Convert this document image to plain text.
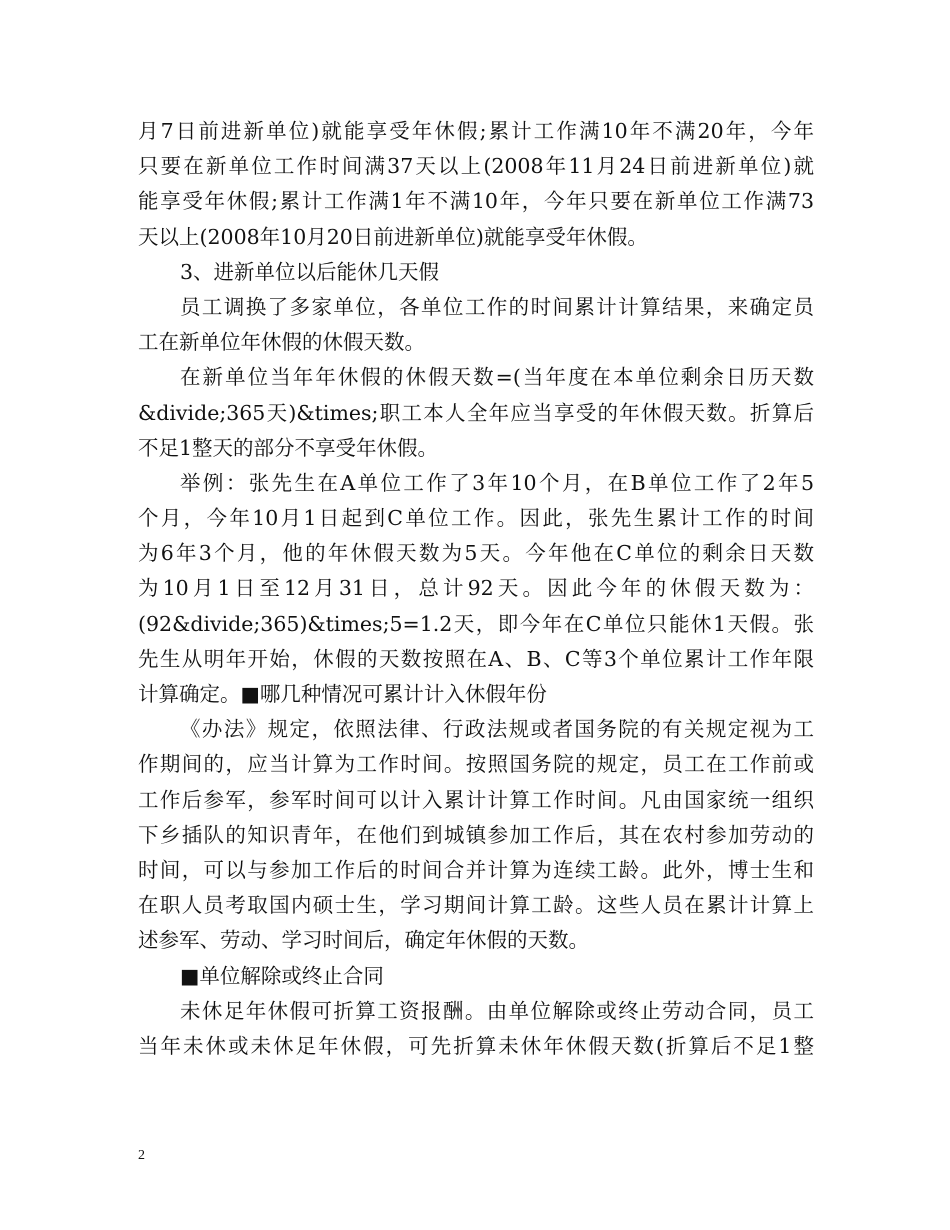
月7日前进新单位)就能享受年休假;累计工作满10年不满20年，今年
只要在新单位工作时间满37天以上(2008年11月24日前进新单位)就
能享受年休假;累计工作满1年不满10年，今年只要在新单位工作满73
天以上(2008年10月20日前进新单位)就能享受年休假。
3、进新单位以后能休几天假
员工调换了多家单位，各单位工作的时间累计计算结果，来确定员
工在新单位年休假的休假天数。
在新单位当年年休假的休假天数=(当年度在本单位剩余日历天数
&divide;365天)&times;职工本人全年应当享受的年休假天数。折算后
不足1整天的部分不享受年休假。
举例：张先生在A单位工作了3年10个月，在B单位工作了2年5
个月，今年10月1日起到C单位工作。因此，张先生累计工作的时间
为6年3个月，他的年休假天数为5天。今年他在C单位的剩余日天数
为10月1日至12月31日，总计92天。因此今年的休假天数为：
(92&divide;365)&times;5=1.2天，即今年在C单位只能休1天假。张
先生从明年开始，休假的天数按照在A、B、C等3个单位累计工作年限
计算确定。■哪几种情况可累计计入休假年份
《办法》规定，依照法律、行政法规或者国务院的有关规定视为工
作期间的，应当计算为工作时间。按照国务院的规定，员工在工作前或
工作后参军，参军时间可以计入累计计算工作时间。凡由国家统一组织
下乡插队的知识青年，在他们到城镇参加工作后，其在农村参加劳动的
时间，可以与参加工作后的时间合并计算为连续工龄。此外，博士生和
在职人员考取国内硕士生，学习期间计算工龄。这些人员在累计计算上
述参军、劳动、学习时间后，确定年休假的天数。
■单位解除或终止合同
未休足年休假可折算工资报酬。由单位解除或终止劳动合同，员工
当年未休或未休足年休假，可先折算未休年休假天数(折算后不足1整
2
